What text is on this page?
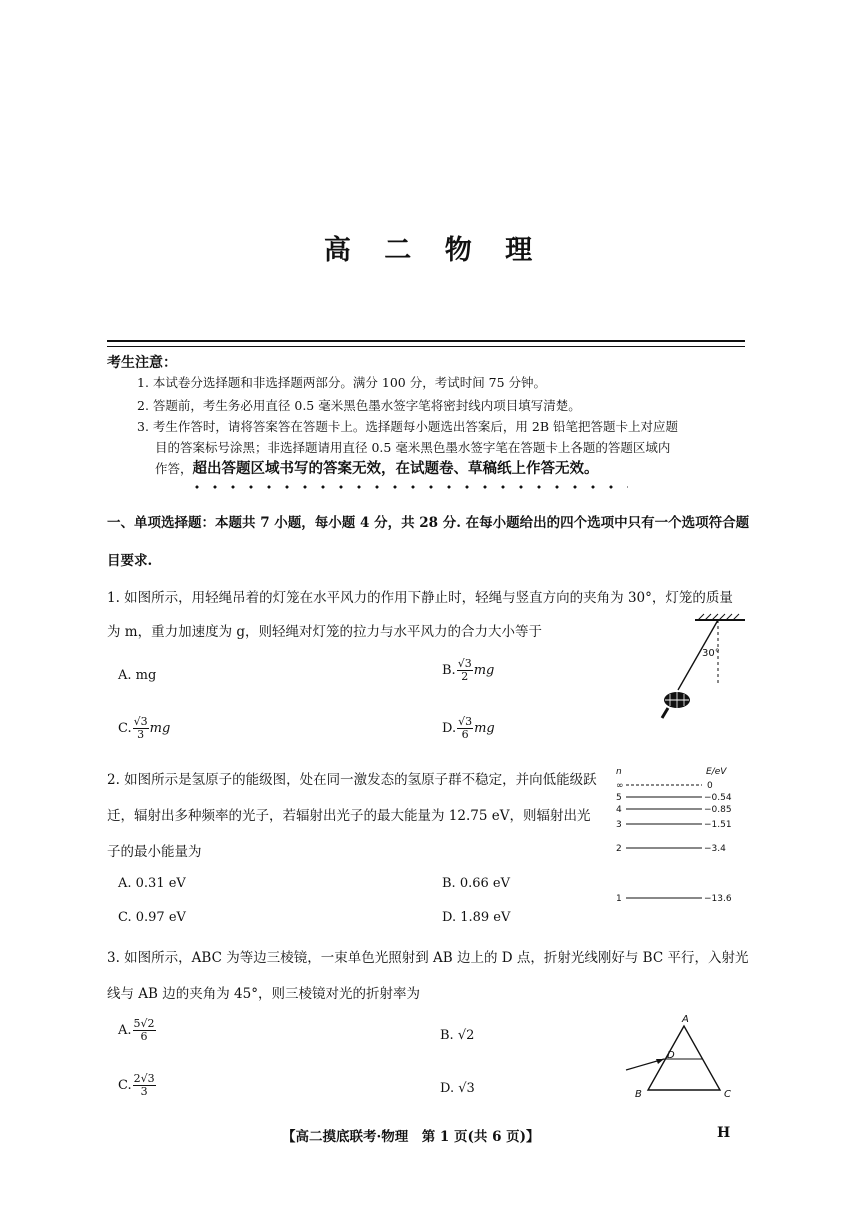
高 二 物 理
考生注意：
1. 本试卷分选择题和非选择题两部分。满分 100 分，考试时间 75 分钟。
2. 答题前，考生务必用直径 0.5 毫米黑色墨水签字笔将密封线内项目填写清楚。
3. 考生作答时，请将答案答在答题卡上。选择题每小题选出答案后，用 2B 铅笔把答题卡上对应题
目的答案标号涂黑；非选择题请用直径 0.5 毫米黑色墨水签字笔在答题卡上各题的答题区域内
作答，超出答题区域书写的答案无效，在试题卷、草稿纸上作答无效。
一、单项选择题：本题共 7 小题，每小题 4 分，共 28 分. 在每小题给出的四个选项中只有一个选项符合题
目要求.
1. 如图所示，用轻绳吊着的灯笼在水平风力的作用下静止时，轻绳与竖直方向的夹角为 30°，灯笼的质量
为 m，重力加速度为 g，则轻绳对灯笼的拉力与水平风力的合力大小等于
A. mg	B. $\frac{√3}{2}$ mg
C. $\frac{√3}{3}$ mg	D. $\frac{√3}{6}$ mg
30°
2. 如图所示是氢原子的能级图，处在同一激发态的氢原子群不稳定，并向低能级跃
迁，辐射出多种频率的光子，若辐射出光子的最大能量为 12.75 eV，则辐射出光
子的最小能量为
A. 0.31 eV	B. 0.66 eV
C. 0.97 eV	D. 1.89 eV
n	E/eV
∞	0
5	−0.54
4	−0.85
3	−1.51
2	−3.4
1	−13.6
3. 如图所示，ABC 为等边三棱镜，一束单色光照射到 AB 边上的 D 点，折射光线刚好与 BC 平行，入射光
线与 AB 边的夹角为 45°，则三棱镜对光的折射率为
A. $\frac{5√2}{6}$	B. √2
C. $\frac{2√3}{3}$	D. √3
A
B	C
D
【高二摸底联考·物理　第 1 页(共 6 页)】	H
